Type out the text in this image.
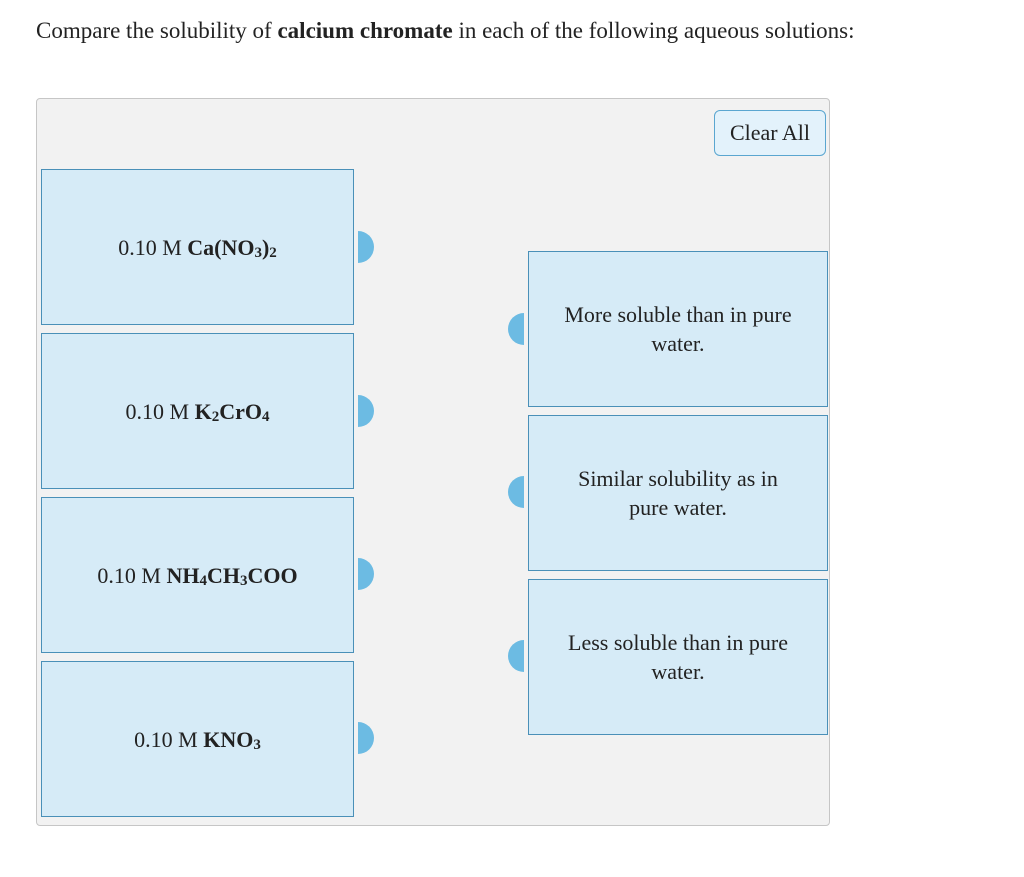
Compare the solubility of calcium chromate in each of the following aqueous solutions:
Clear All
0.10 M $Ca(NO_3)_2$
0.10 M $K_2CrO_4$
0.10 M $NH_4CH_3COO$
0.10 M $KNO_3$
More soluble than in pure
water.
Similar solubility as in
pure water.
Less soluble than in pure
water.
